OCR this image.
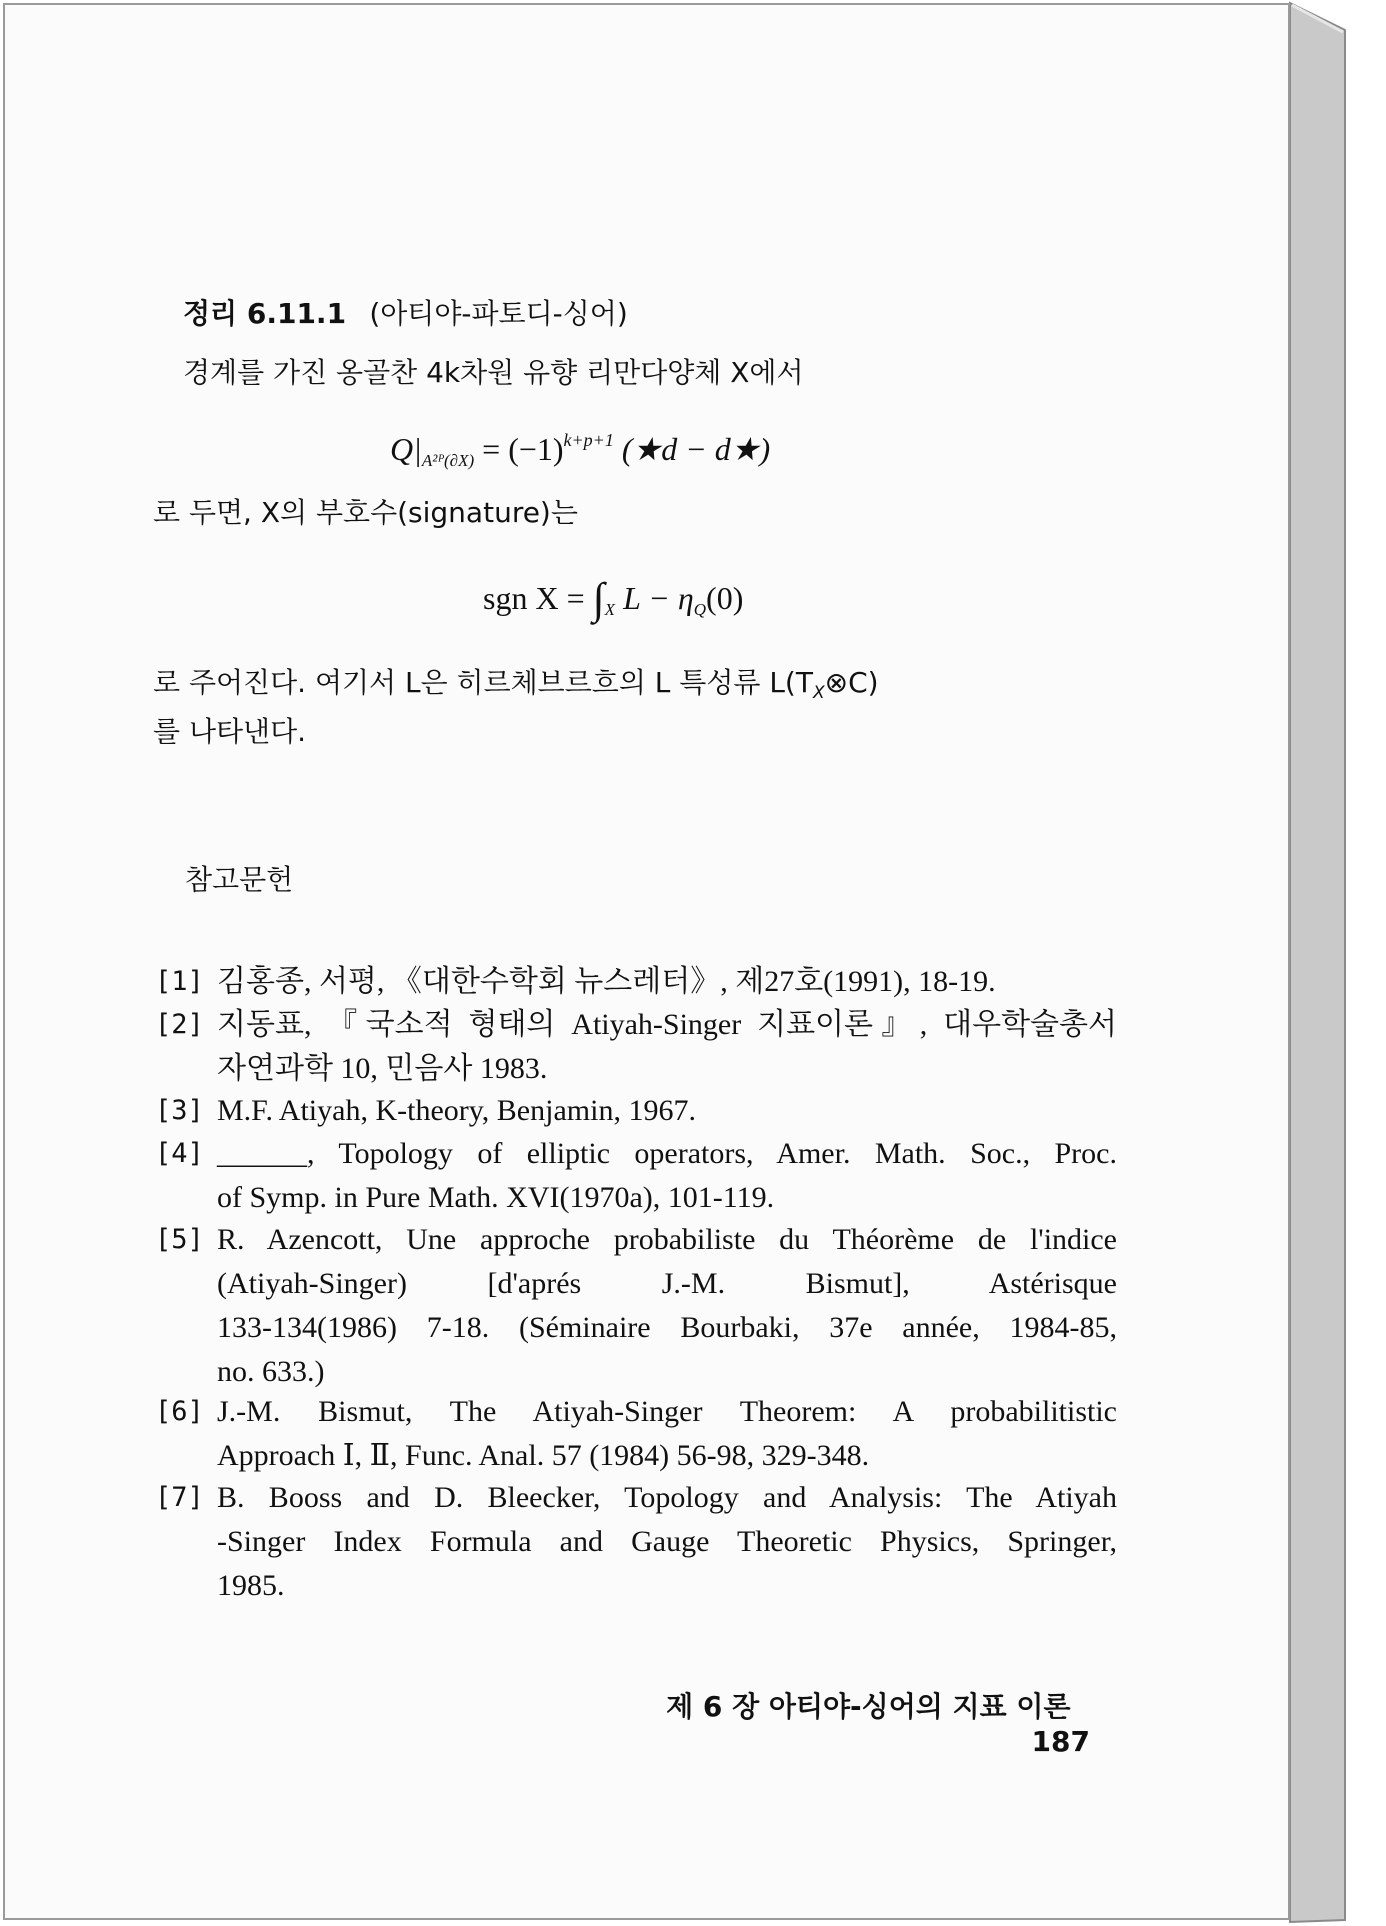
정리 6.11.1 (아티야-파토디-싱어)
경계를 가진 옹골찬 4k차원 유향 리만다양체 X에서
$Q|_{A^2ᴾ(\partial X)} = (-1)^{k+p+1}$ (★d − d★)
로 두면, X의 부호수(signature)는
sgn $X = \int_X$ $L - \eta_Q(0)$
로 주어진다. 여기서 L은 히르체브르흐의 L 특성류 $L(T_X\otimes C)$
를 나타낸다.
참고문헌
[1] 김홍종, 서평, 《대한수학회 뉴스레터》, 제27호(1991), 18-19.
[2] 지동표, 『국소적 형태의 Atiyah-Singer 지표이론』, 대우학술총서
자연과학 10, 민음사 1983.
[3] M.F. Atiyah, K-theory, Benjamin, 1967.
[4] ______, Topology of elliptic operators, Amer. Math. Soc., Proc.
of Symp. in Pure Math. XVI(1970a), 101-119.
[5] R. Azencott, Une approche probabiliste du Théorème de l'indice
(Atiyah-Singer) [d'aprés J.-M. Bismut], Astérisque
133-134(1986) 7-18. (Séminaire Bourbaki, 37e année, 1984-85,
no. 633.)
[6] J.-M. Bismut, The Atiyah-Singer Theorem: A probabilitistic
Approach Ⅰ, Ⅱ, Func. Anal. 57 (1984) 56-98, 329-348.
[7] B. Booss and D. Bleecker, Topology and Analysis: The Atiyah
-Singer Index Formula and Gauge Theoretic Physics, Springer,
1985.
제 6 장 아티야-싱어의 지표 이론   187
